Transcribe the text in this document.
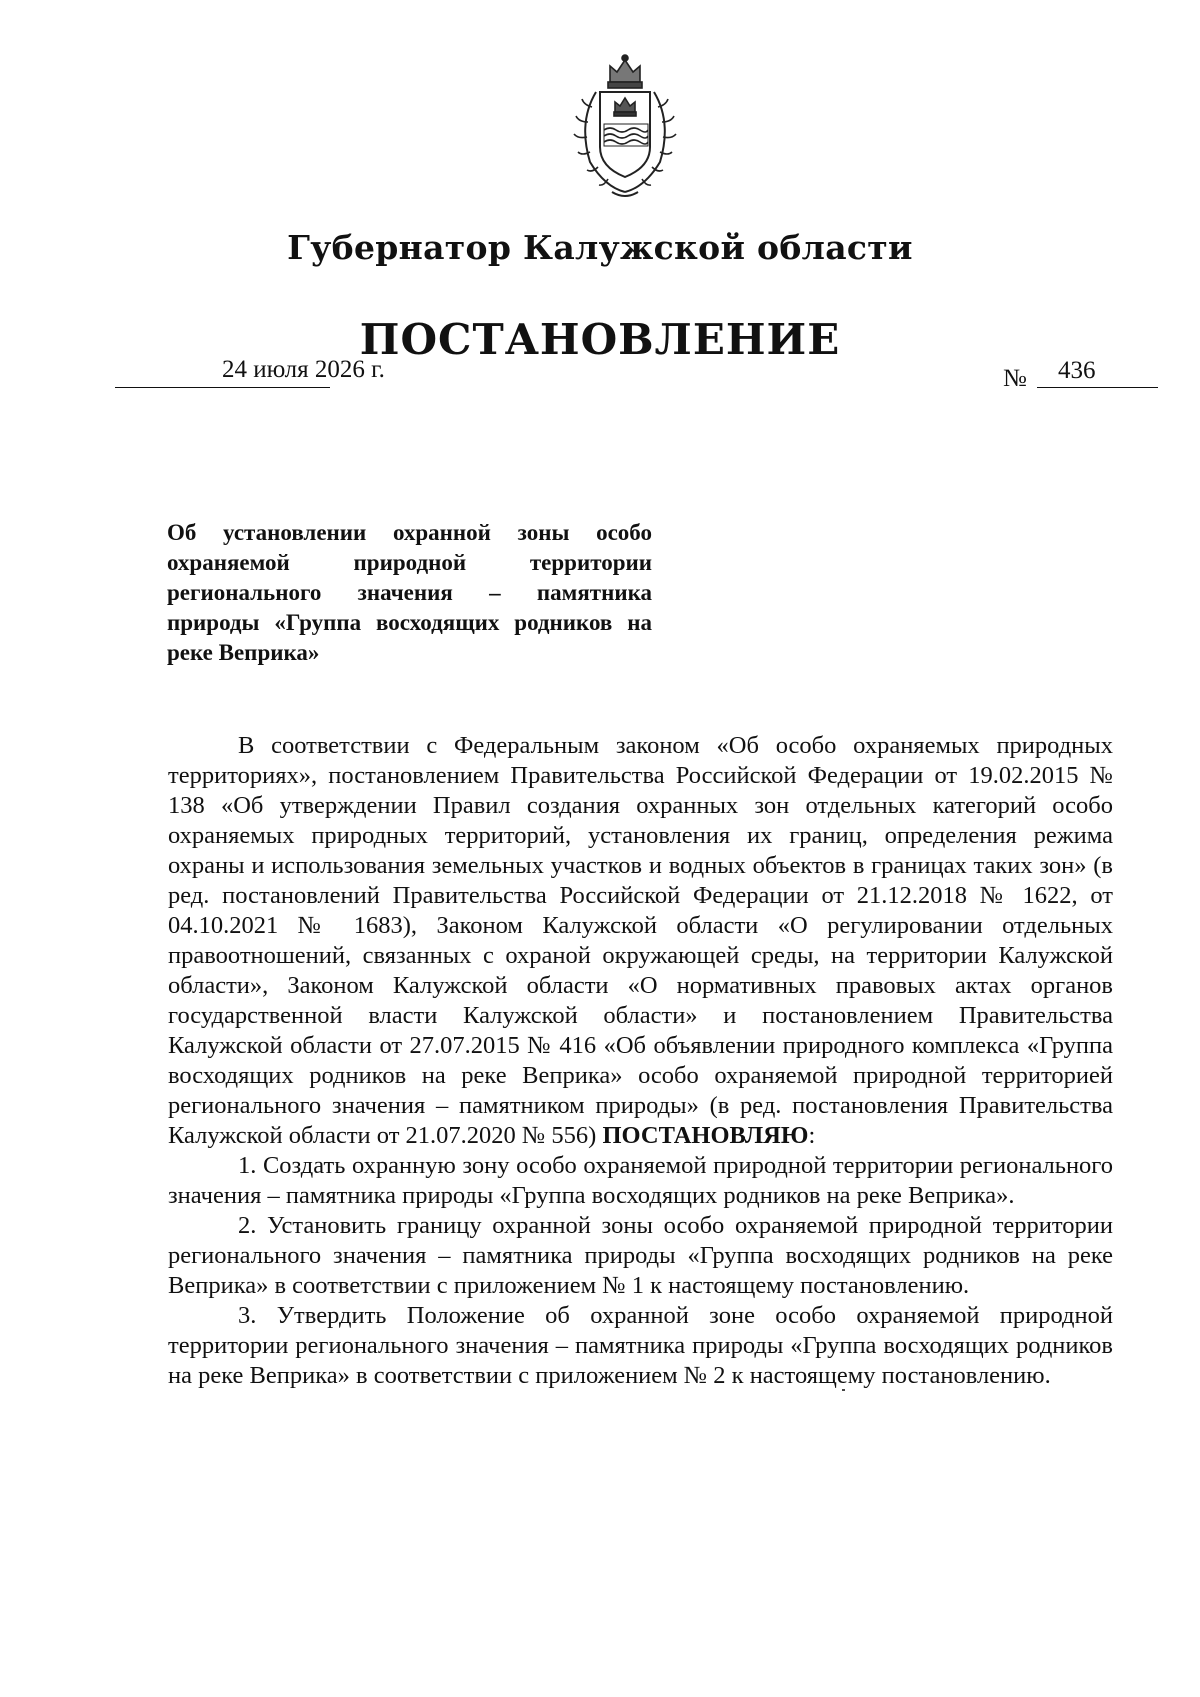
Губернатор Калужской области
ПОСТАНОВЛЕНИЕ
24 июля 2026 г.	№ 436
Об установлении охранной зоны особо охраняемой природной территории регионального значения – памятника природы «Группа восходящих родников на реке Веприка»

В соответствии с Федеральным законом «Об особо охраняемых природных территориях», постановлением Правительства Российской Федерации от 19.02.2015 № 138 «Об утверждении Правил создания охранных зон отдельных категорий особо охраняемых природных территорий, установления их границ, определения режима охраны и использования земельных участков и водных объектов в границах таких зон» (в ред. постановлений Правительства Российской Федерации от 21.12.2018 № 1622, от 04.10.2021 № 1683), Законом Калужской области «О регулировании отдельных правоотношений, связанных с охраной окружающей среды, на территории Калужской области», Законом Калужской области «О нормативных правовых актах органов государственной власти Калужской области» и постановлением Правительства Калужской области от 27.07.2015 № 416 «Об объявлении природного комплекса «Группа восходящих родников на реке Веприка» особо охраняемой природной территорией регионального значения – памятником природы» (в ред. постановления Правительства Калужской области от 21.07.2020 № 556) ПОСТАНОВЛЯЮ:

1. Создать охранную зону особо охраняемой природной территории регионального значения – памятника природы «Группа восходящих родников на реке Веприка».

2. Установить границу охранной зоны особо охраняемой природной территории регионального значения – памятника природы «Группа восходящих родников на реке Веприка» в соответствии с приложением № 1 к настоящему постановлению.

3. Утвердить Положение об охранной зоне особо охраняемой природной территории регионального значения – памятника природы «Группа восходящих родников на реке Веприка» в соответствии с приложением № 2 к настоящему постановлению.
